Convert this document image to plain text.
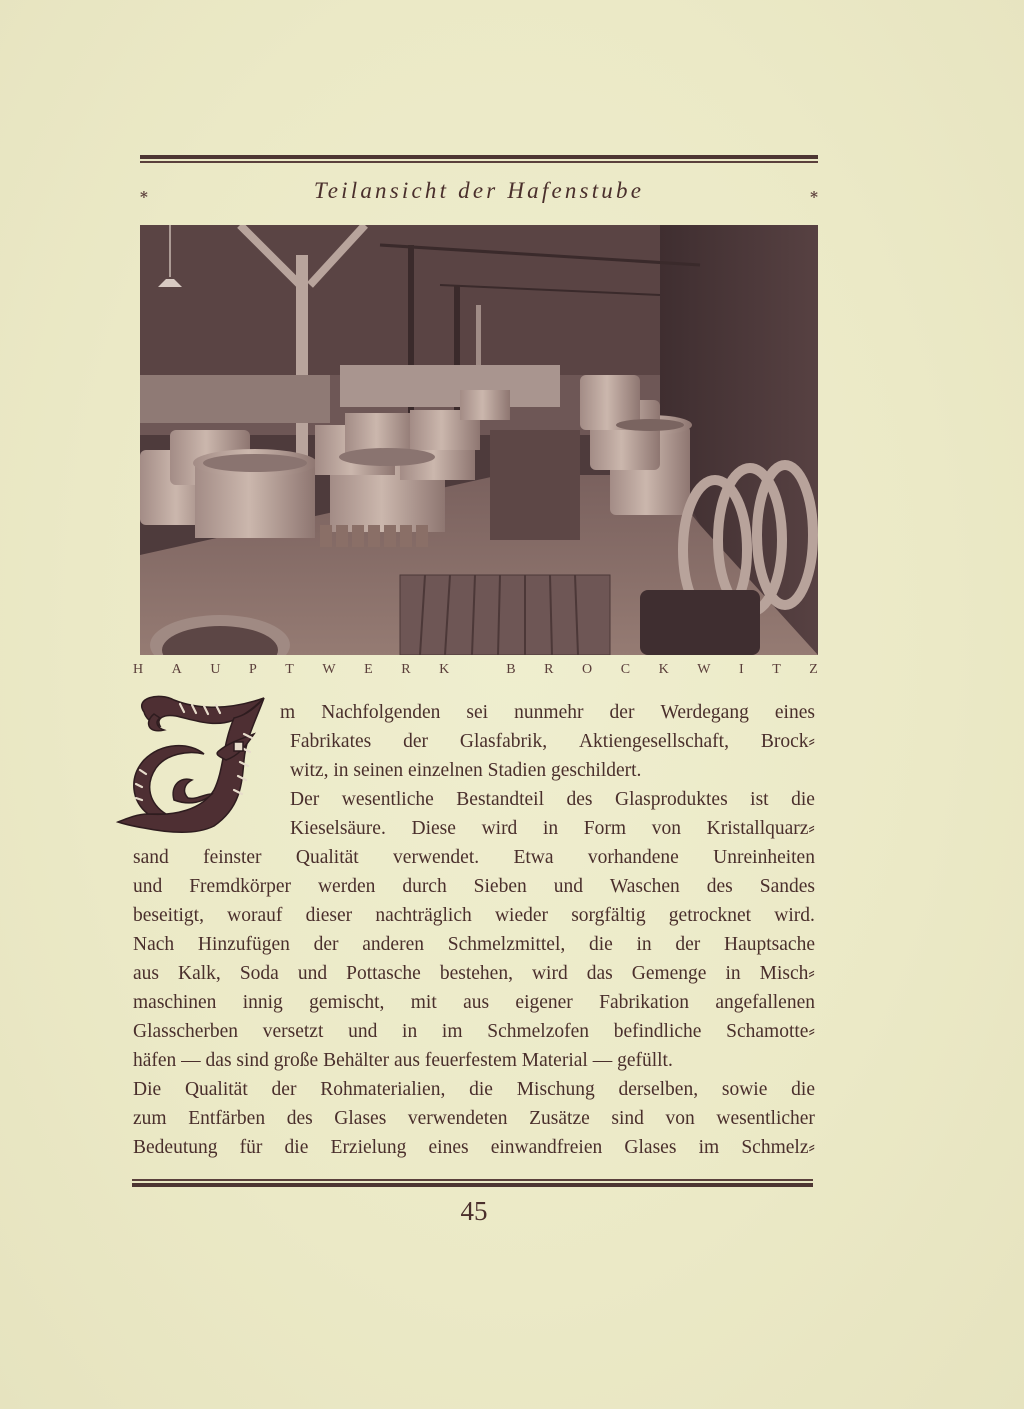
⁎	Teilansicht der Hafenstube	⁎
H A U P T W E R K	B R O C K W I T Z
m Nachfolgenden sei nunmehr der Werdegang eines
Fabrikates der Glasfabrik, Aktiengesellschaft, Brock⸗
witz, in seinen einzelnen Stadien geschildert.
Der wesentliche Bestandteil des Glasproduktes ist die
Kieselsäure. Diese wird in Form von Kristallquarz⸗
sand feinster Qualität verwendet. Etwa vorhandene Unreinheiten
und Fremdkörper werden durch Sieben und Waschen des Sandes
beseitigt, worauf dieser nachträglich wieder sorgfältig getrocknet wird.
Nach Hinzufügen der anderen Schmelzmittel, die in der Hauptsache
aus Kalk, Soda und Pottasche bestehen, wird das Gemenge in Misch⸗
maschinen innig gemischt, mit aus eigener Fabrikation angefallenen
Glasscherben versetzt und in im Schmelzofen befindliche Schamotte⸗
häfen — das sind große Behälter aus feuerfestem Material — gefüllt.
Die Qualität der Rohmaterialien, die Mischung derselben, sowie die
zum Entfärben des Glases verwendeten Zusätze sind von wesentlicher
Bedeutung für die Erzielung eines einwandfreien Glases im Schmelz⸗
45
